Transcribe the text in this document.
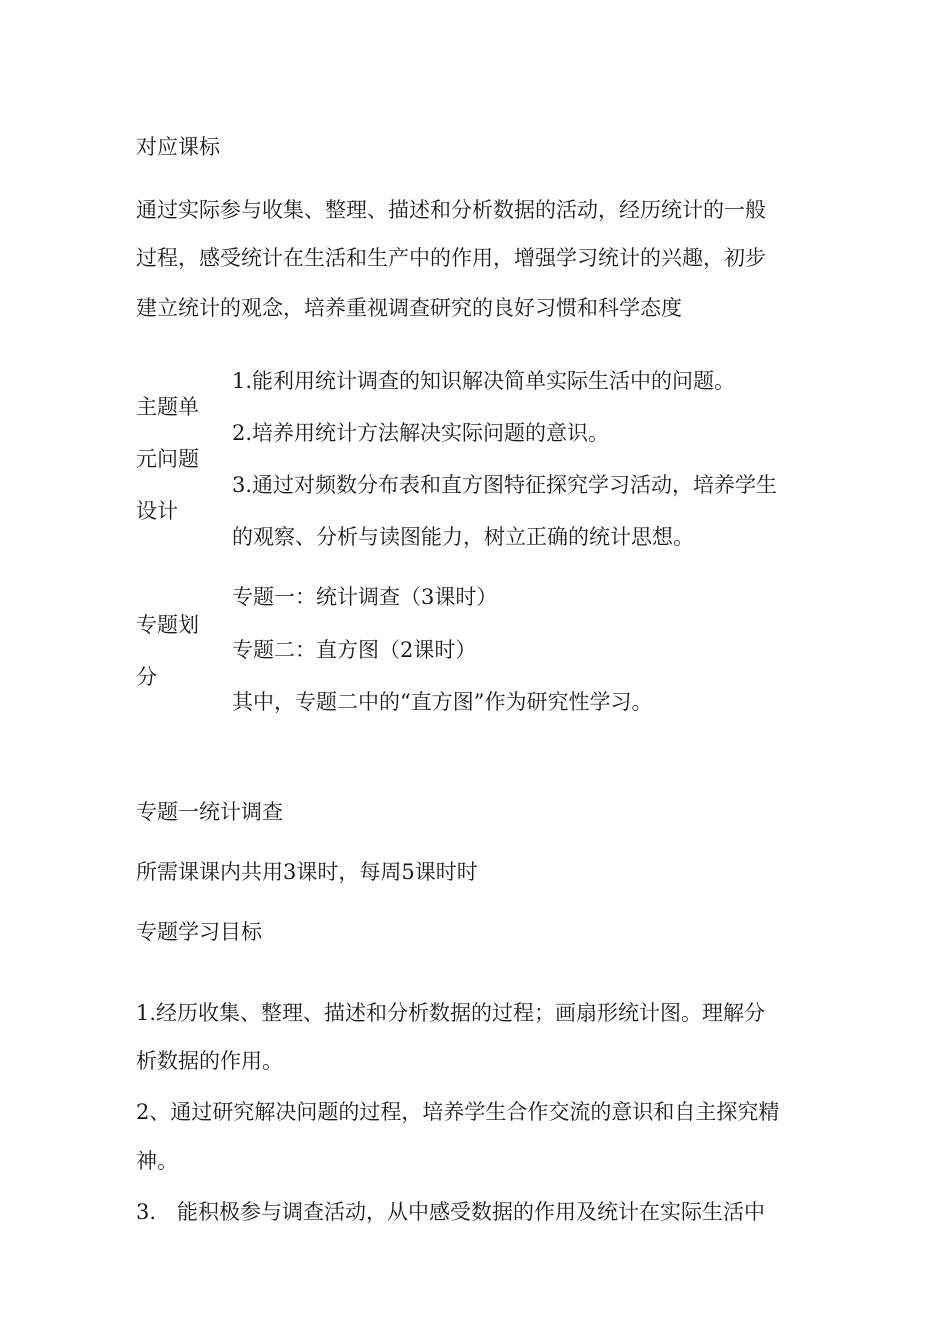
对应课标
通过实际参与收集、整理、描述和分析数据的活动，经历统计的一般
过程，感受统计在生活和生产中的作用，增强学习统计的兴趣，初步
建立统计的观念，培养重视调查研究的良好习惯和科学态度
主题单
元问题
设计
1.能利用统计调查的知识解决简单实际生活中的问题。
2.培养用统计方法解决实际问题的意识。
3.通过对频数分布表和直方图特征探究学习活动，培养学生
的观察、分析与读图能力，树立正确的统计思想。
专题划
分
专题一：统计调查（3课时）
专题二：直方图（2课时）
其中，专题二中的“直方图”作为研究性学习。
专题一统计调查
所需课课内共用3课时，每周5课时时
专题学习目标
1.经历收集、整理、描述和分析数据的过程；画扇形统计图。理解分
析数据的作用。
2、通过研究解决问题的过程，培养学生合作交流的意识和自主探究精
神。
3.　能积极参与调查活动，从中感受数据的作用及统计在实际生活中
